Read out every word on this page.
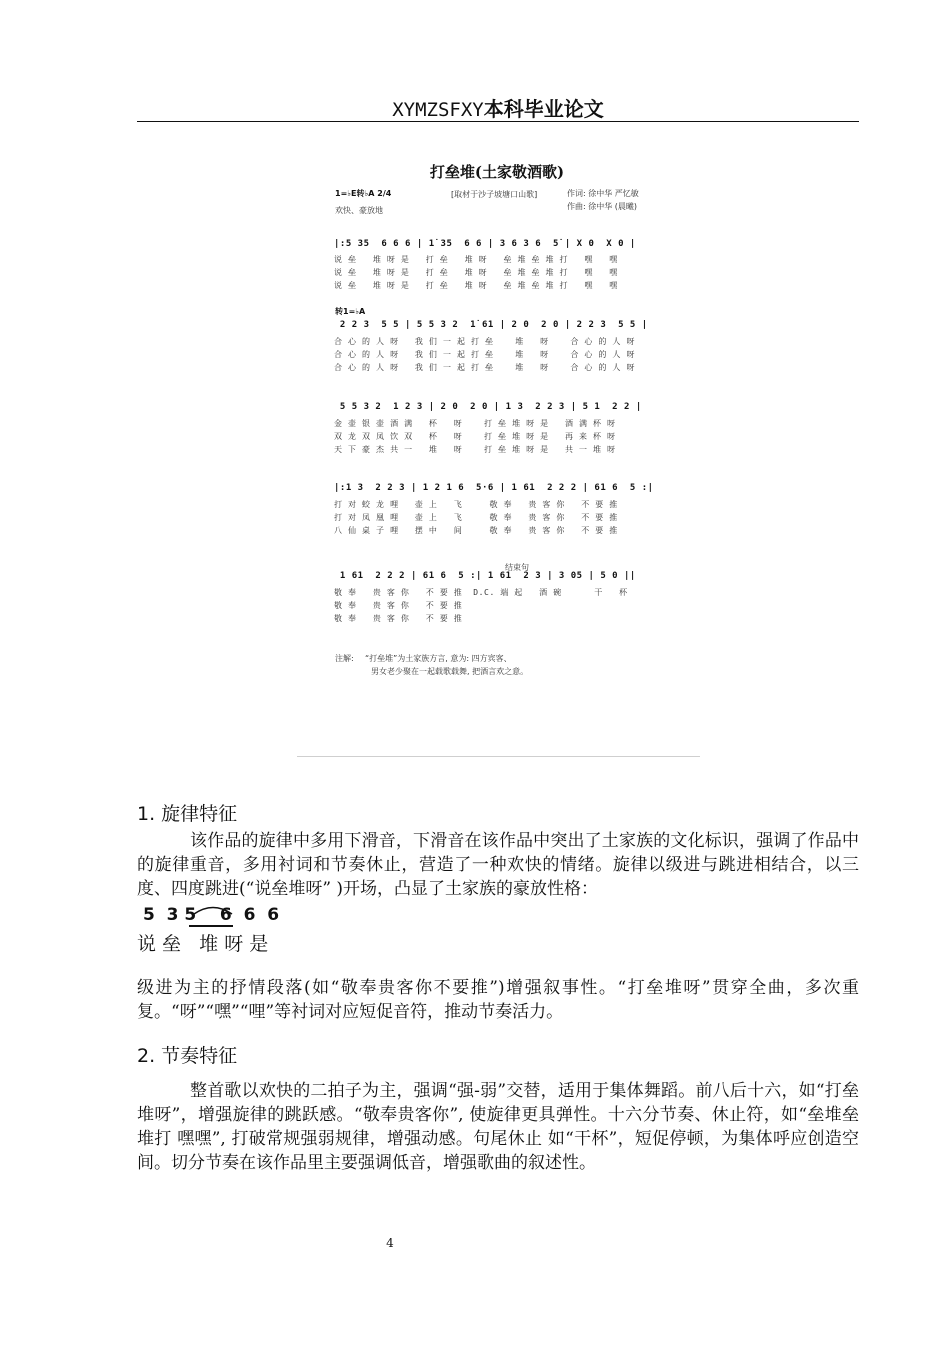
XYMZSFXY本科毕业论文
打垒堆(土家敬酒歌)
1=♭E转♭A 2/4
欢快、豪放地
[取材于沙子坡塘口山歌]	作词: 徐中华 严忆敏
作曲: 徐中华 (晨曦)
|:5 35  6 6 6 | 1̇ 35  6 6 | 3 6 3 6  5̇ | X 0  X 0 |
说 垒   堆 呀 是   打 垒   堆 呀   垒 堆 垒 堆 打   嘿   嘿
说 垒   堆 呀 是   打 垒   堆 呀   垒 堆 垒 堆 打   嘿   嘿
说 垒   堆 呀 是   打 垒   堆 呀   垒 堆 垒 堆 打   嘿   嘿
转1=♭A
2 2 3  5 5 | 5 5 3 2  1̇ 61 | 2 0  2 0 | 2 2 3  5 5 |
合 心 的 人 呀   我 们 一 起 打 垒    堆   呀    合 心 的 人 呀
合 心 的 人 呀   我 们 一 起 打 垒    堆   呀    合 心 的 人 呀
合 心 的 人 呀   我 们 一 起 打 垒    堆   呀    合 心 的 人 呀
5 5 3 2  1 2 3 | 2 0  2 0 | 1 3  2 2 3 | 5 1  2 2 |
金 壶 银 壶 酒 满   杯   呀    打 垒 堆 呀 是   酒 满 杯 呀
双 龙 双 凤 饮 双   杯   呀    打 垒 堆 呀 是   再 来 杯 呀
天 下 豪 杰 共 一   堆   呀    打 垒 堆 呀 是   共 一 堆 呀
|:1 3  2 2 3 | 1 2 1 6  5·6 | 1 61  2 2 2 | 61 6  5 :|
打 对 蛟 龙 哩   壶 上   飞     敬 奉   贵 客 你   不 要 推
打 对 凤 凰 哩   壶 上   飞     敬 奉   贵 客 你   不 要 推
八 仙 桌 子 哩   摆 中   间     敬 奉   贵 客 你   不 要 推
结束句
1 61  2 2 2 | 61 6  5 :| 1 61  2 3 | 3 05 | 5 0 ||
敬 奉   贵 客 你   不 要 推  D.C. 端 起   酒 碗      干   杯
敬 奉   贵 客 你   不 要 推
敬 奉   贵 客 你   不 要 推
注解: “打垒堆”为土家族方言, 意为: 四方宾客、
男女老少聚在一起载歌载舞, 把酒言欢之意。
1. 旋律特征

该作品的旋律中多用下滑音，下滑音在该作品中突出了土家族的文化标识，强调了作品中的旋律重音，多用衬词和节奏休止，营造了一种欢快的情绪。旋律以级进与跳进相结合，以三度、四度跳进(“说垒堆呀” )开场，凸显了土家族的豪放性格：

5  3 5    6  6  6
说 垒   堆 呀 是

级进为主的抒情段落(如“敬奉贵客你不要推”)增强叙事性。“打垒堆呀”贯穿全曲，多次重复。“呀”“嘿”“哩”等衬词对应短促音符，推动节奏活力。

2. 节奏特征

整首歌以欢快的二拍子为主，强调“强-弱”交替，适用于集体舞蹈。前八后十六，如“打垒堆呀”，增强旋律的跳跃感。“敬奉贵客你”, 使旋律更具弹性。十六分节奏、休止符，如“垒堆垒堆打 嘿嘿”, 打破常规强弱规律，增强动感。句尾休止 如“干杯”，短促停顿，为集体呼应创造空间。切分节奏在该作品里主要强调低音，增强歌曲的叙述性。

4
